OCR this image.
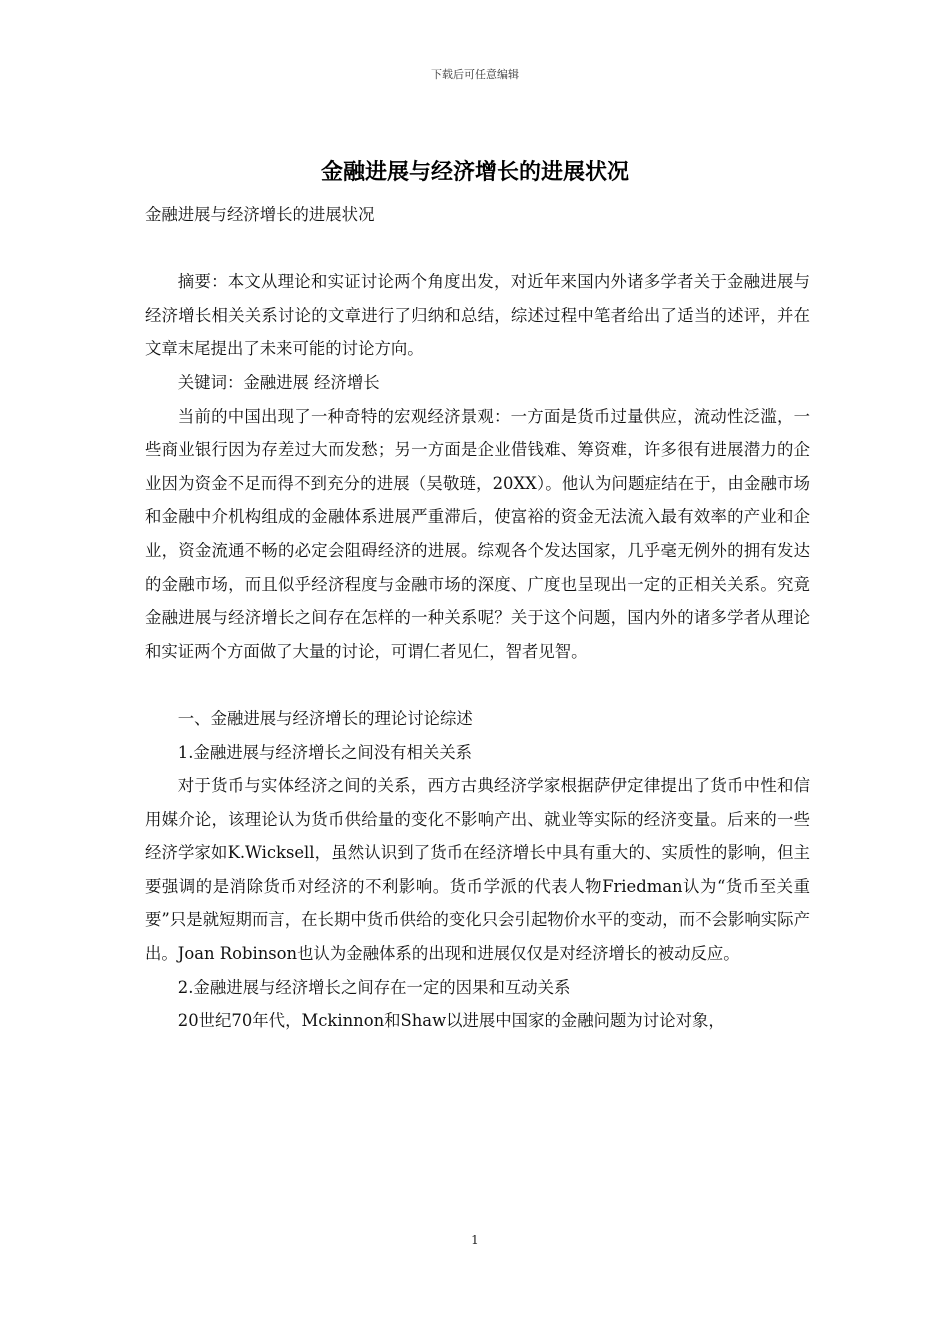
下载后可任意编辑
金融进展与经济增长的进展状况

金融进展与经济增长的进展状况

摘要：本文从理论和实证讨论两个角度出发，对近年来国内外诸多学者关于金融进展与经济增长相关关系讨论的文章进行了归纳和总结，综述过程中笔者给出了适当的述评，并在文章末尾提出了未来可能的讨论方向。

关键词：金融进展 经济增长

当前的中国出现了一种奇特的宏观经济景观：一方面是货币过量供应，流动性泛滥，一些商业银行因为存差过大而发愁；另一方面是企业借钱难、筹资难，许多很有进展潜力的企业因为资金不足而得不到充分的进展（吴敬琏，20XX）。他认为问题症结在于，由金融市场和金融中介机构组成的金融体系进展严重滞后，使富裕的资金无法流入最有效率的产业和企业，资金流通不畅的必定会阻碍经济的进展。综观各个发达国家，几乎毫无例外的拥有发达的金融市场，而且似乎经济程度与金融市场的深度、广度也呈现出一定的正相关关系。究竟金融进展与经济增长之间存在怎样的一种关系呢？关于这个问题，国内外的诸多学者从理论和实证两个方面做了大量的讨论，可谓仁者见仁，智者见智。

一、金融进展与经济增长的理论讨论综述

1.金融进展与经济增长之间没有相关关系

对于货币与实体经济之间的关系，西方古典经济学家根据萨伊定律提出了货币中性和信用媒介论，该理论认为货币供给量的变化不影响产出、就业等实际的经济变量。后来的一些经济学家如K.Wicksell，虽然认识到了货币在经济增长中具有重大的、实质性的影响，但主要强调的是消除货币对经济的不利影响。货币学派的代表人物Friedman认为“货币至关重要”只是就短期而言，在长期中货币供给的变化只会引起物价水平的变动，而不会影响实际产出。Joan Robinson也认为金融体系的出现和进展仅仅是对经济增长的被动反应。

2.金融进展与经济增长之间存在一定的因果和互动关系

20世纪70年代，Mckinnon和Shaw以进展中国家的金融问题为讨论对象，

1
